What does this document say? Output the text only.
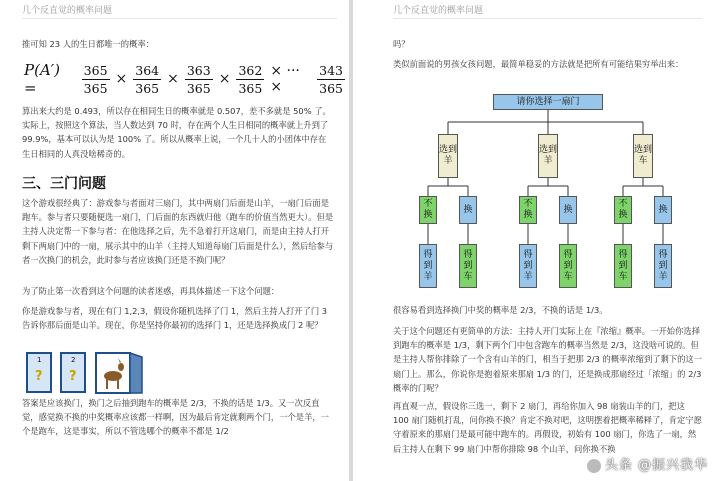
几个反直觉的概率问题
推可知 23 人的生日都唯一的概率：
P(A′) =	$\frac{365}{365} \times \frac{364}{365} \times \frac{363}{365} \times \frac{362}{365}$ × ··· ×	$\frac{343}{365}$
算出来大约是 0.493，所以存在相同生日的概率就是 0.507，差不多就是 50% 了。实际上，按照这个算法，当人数达到 70 时，存在两个人生日相同的概率就上升到了 99.9%，基本可以认为是 100% 了。所以从概率上说，一个几十人的小团体中存在生日相同的人真没啥稀奇的。
三、三门问题
这个游戏很经典了：游戏参与者面对三扇门，其中两扇门后面是山羊，一扇门后面是跑车。参与者只要随便选一扇门，门后面的东西就归他（跑车的价值当然更大）。但是主持人决定帮一下参与者：在他选择之后，先不急着打开这扇门，而是由主持人打开剩下两扇门中的一扇，展示其中的山羊（主持人知道每扇门后面是什么），然后给参与者一次换门的机会，此时参与者应该换门还是不换门呢？
为了防止第一次看到这个问题的读者迷惑，再具体描述一下这个问题：
你是游戏参与者，现在有门 1,2,3，假设你随机选择了门 1，然后主持人打开了门 3 告诉你那后面是山羊。现在，你是坚持你最初的选择门 1，还是选择换成门 2 呢？
1
?
2
?
答案是应该换门，换门之后抽到跑车的概率是 2/3，不换的话是 1/3。又一次反直觉，感觉换不换的中奖概率应该都一样啊，因为最后肯定就剩两个门，一个是羊，一个是跑车，这是事实，所以不管选哪个的概率不都是 1/2
几个反直觉的概率问题
吗？
类似前面说的男孩女孩问题，最简单稳妥的方法就是把所有可能结果穷举出来：
请你选择一扇门
选到羊
选到羊
选到车
不换
换
不换
换
不换
换
得到羊
得到车
得到羊
得到车
得到车
得到羊
很容易看到选择换门中奖的概率是 2/3，不换的话是 1/3。
关于这个问题还有更简单的方法：主持人开门实际上在『浓缩』概率。一开始你选择到跑车的概率是 1/3，剩下两个门中包含跑车的概率当然是 2/3，这没啥可说的。但是主持人帮你排除了一个含有山羊的门，相当于把那 2/3 的概率浓缩到了剩下的这一扇门上。那么，你说你是抱着原来那扇 1/3 的门，还是换成那扇经过「浓缩」的 2/3 概率的门呢？
再直观一点，假设你三选一，剩下 2 扇门，再给你加入 98 扇装山羊的门，把这 100 扇门随机打乱，问你换不换？肯定不换对吧，这明摆着把概率稀释了，肯定宁愿守着原来的那扇门是最可能中跑车的。再假设，初始有 100 扇门，你选了一扇，然后主持人在剩下 99 扇门中帮你排除 98 个山羊，问你换不换
头条 @振兴我华
